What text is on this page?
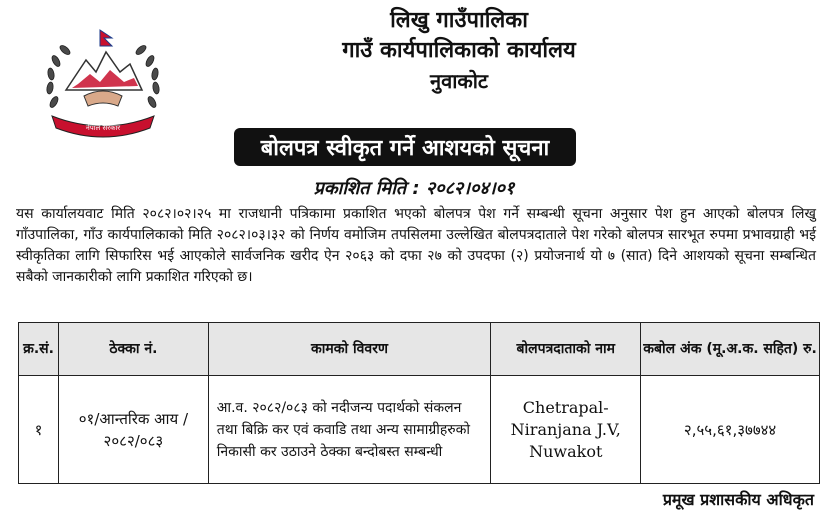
नेपाल सरकार
लिखु गाउँपालिका
गाउँ कार्यपालिकाको कार्यालय
नुवाकोट
बोलपत्र स्वीकृत गर्ने आशयको सूचना
प्रकाशित मिति : २०८२।०४।०१
यस कार्यालयवाट मिति २०८२।०२।२५ मा राजधानी पत्रिकामा प्रकाशित भएको बोलपत्र पेश गर्ने सम्बन्धी सूचना अनुसार पेश हुन आएको बोलपत्र लिखु गाँउपालिका, गाँउ कार्यपालिकाको मिति २०८२।०३।३२ को निर्णय वमोजिम तपसिलमा उल्लेखित बोलपत्रदाताले पेश गरेको बोलपत्र सारभूत रुपमा प्रभावग्राही भई स्वीकृतिका लागि सिफारिस भई आएकोले सार्वजनिक खरीद ऐन २०६३ को दफा २७ को उपदफा (२) प्रयोजनार्थ यो ७ (सात) दिने आशयको सूचना सम्बन्धित सबैको जानकारीको लागि प्रकाशित गरिएको छ।
क्र.सं.	ठेक्का नं.	कामको विवरण	बोलपत्रदाताको नाम	कबोल अंक (मू.अ.क. सहित) रु.
१	०१/आन्तरिक आय /२०८२/०८३	आ.व. २०८२/०८३ को नदीजन्य पदार्थको संकलन तथा बिक्रि कर एवं कवाडि तथा अन्य सामाग्रीहरुको निकासी कर उठाउने ठेक्का बन्दोबस्त सम्बन्धी	Chetrapal-Niranjana J.V, Nuwakot	२,५५,६१,३७७४४
प्रमूख प्रशासकीय अधिकृत
